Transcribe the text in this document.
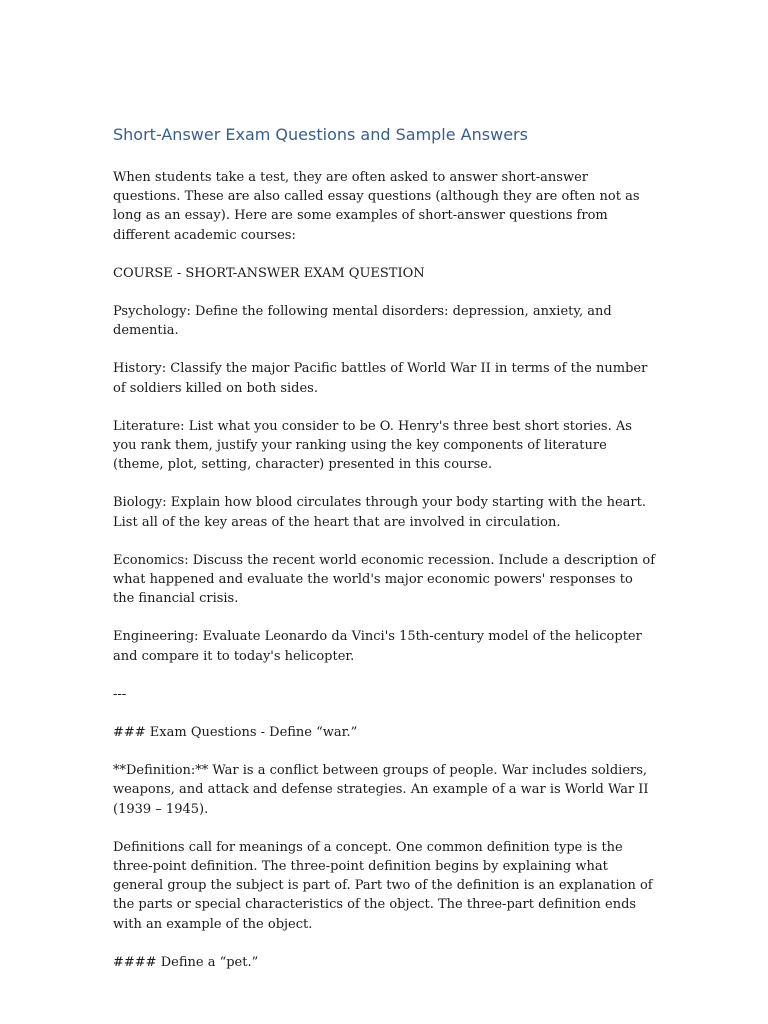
Short-Answer Exam Questions and Sample Answers

When students take a test, they are often asked to answer short-answer questions. These are also called essay questions (although they are often not as long as an essay). Here are some examples of short-answer questions from different academic courses:

COURSE - SHORT-ANSWER EXAM QUESTION

Psychology: Define the following mental disorders: depression, anxiety, and dementia.

History: Classify the major Pacific battles of World War II in terms of the number of soldiers killed on both sides.

Literature: List what you consider to be O. Henry's three best short stories. As you rank them, justify your ranking using the key components of literature (theme, plot, setting, character) presented in this course.

Biology: Explain how blood circulates through your body starting with the heart. List all of the key areas of the heart that are involved in circulation.

Economics: Discuss the recent world economic recession. Include a description of what happened and evaluate the world's major economic powers' responses to the financial crisis.

Engineering: Evaluate Leonardo da Vinci's 15th-century model of the helicopter and compare it to today's helicopter.

---

### Exam Questions - Define “war.”

**Definition:** War is a conflict between groups of people. War includes soldiers, weapons, and attack and defense strategies. An example of a war is World War II (1939 – 1945).

Definitions call for meanings of a concept. One common definition type is the three-point definition. The three-point definition begins by explaining what general group the subject is part of. Part two of the definition is an explanation of the parts or special characteristics of the object. The three-part definition ends with an example of the object.

#### Define a “pet.”
